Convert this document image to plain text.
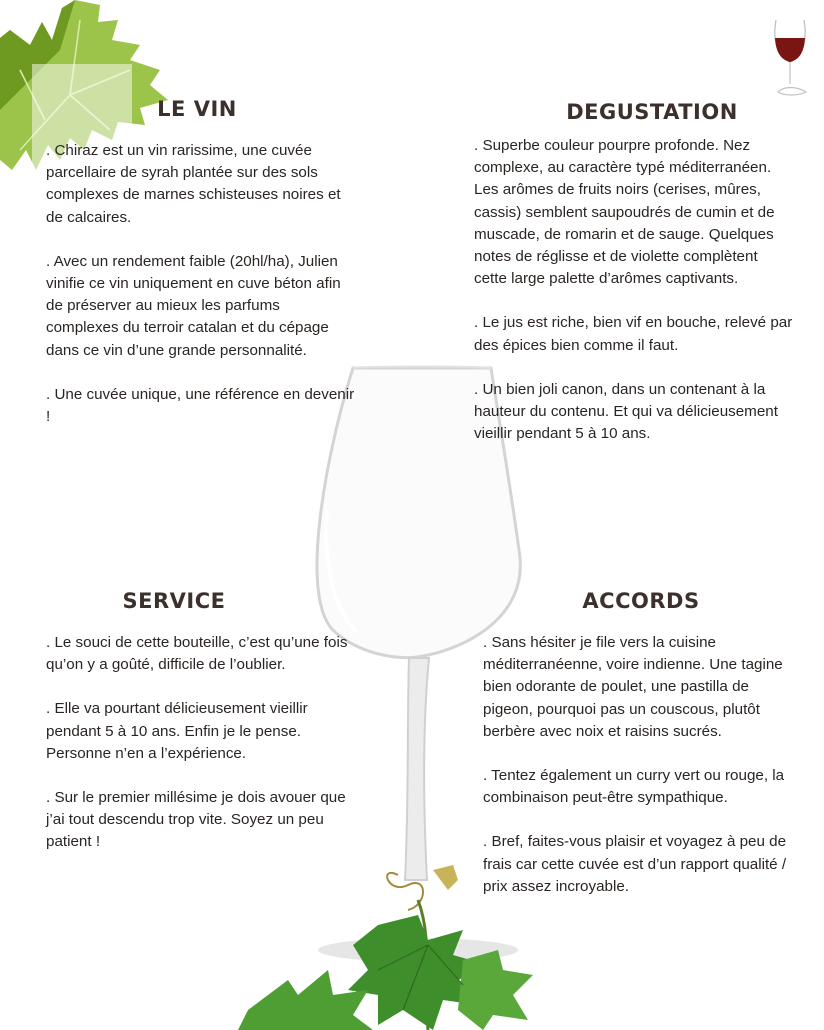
LE VIN

. Chiraz est un vin rarissime, une cuvée parcellaire de syrah plantée sur des sols complexes de marnes schisteuses noires et de calcaires.

. Avec un rendement faible (20hl/ha), Julien vinifie ce vin uniquement en cuve béton afin de préserver au mieux les parfums complexes du terroir catalan et du cépage dans ce vin d’une grande personnalité.

. Une cuvée unique, une référence en devenir !

DEGUSTATION

. Superbe couleur pourpre profonde. Nez complexe, au caractère typé méditerranéen. Les arômes de fruits noirs (cerises, mûres, cassis) semblent saupoudrés de cumin et de muscade, de romarin et de sauge. Quelques notes de réglisse et de violette complètent cette large palette d’arômes captivants.

. Le jus est riche, bien vif en bouche, relevé par des épices bien comme il faut.

. Un bien joli canon, dans un contenant à la hauteur du contenu. Et qui va délicieusement vieillir pendant 5 à 10 ans.

SERVICE

. Le souci de cette bouteille, c’est qu’une fois qu’on y a goûté, difficile de l’oublier.

. Elle va pourtant délicieusement vieillir pendant 5 à 10 ans. Enfin je le pense. Personne n’en a l’expérience.

. Sur le premier millésime je dois avouer que j’ai tout descendu trop vite. Soyez un peu patient !

ACCORDS

. Sans hésiter je file vers la cuisine méditerranéenne, voire indienne. Une tagine bien odorante de poulet, une pastilla de pigeon, pourquoi pas un couscous, plutôt berbère avec noix et raisins sucrés.

. Tentez également un curry vert ou rouge, la combinaison peut-être sympathique.

. Bref, faites-vous plaisir et voyagez à peu de frais car cette cuvée est d’un rapport qualité / prix assez incroyable.
